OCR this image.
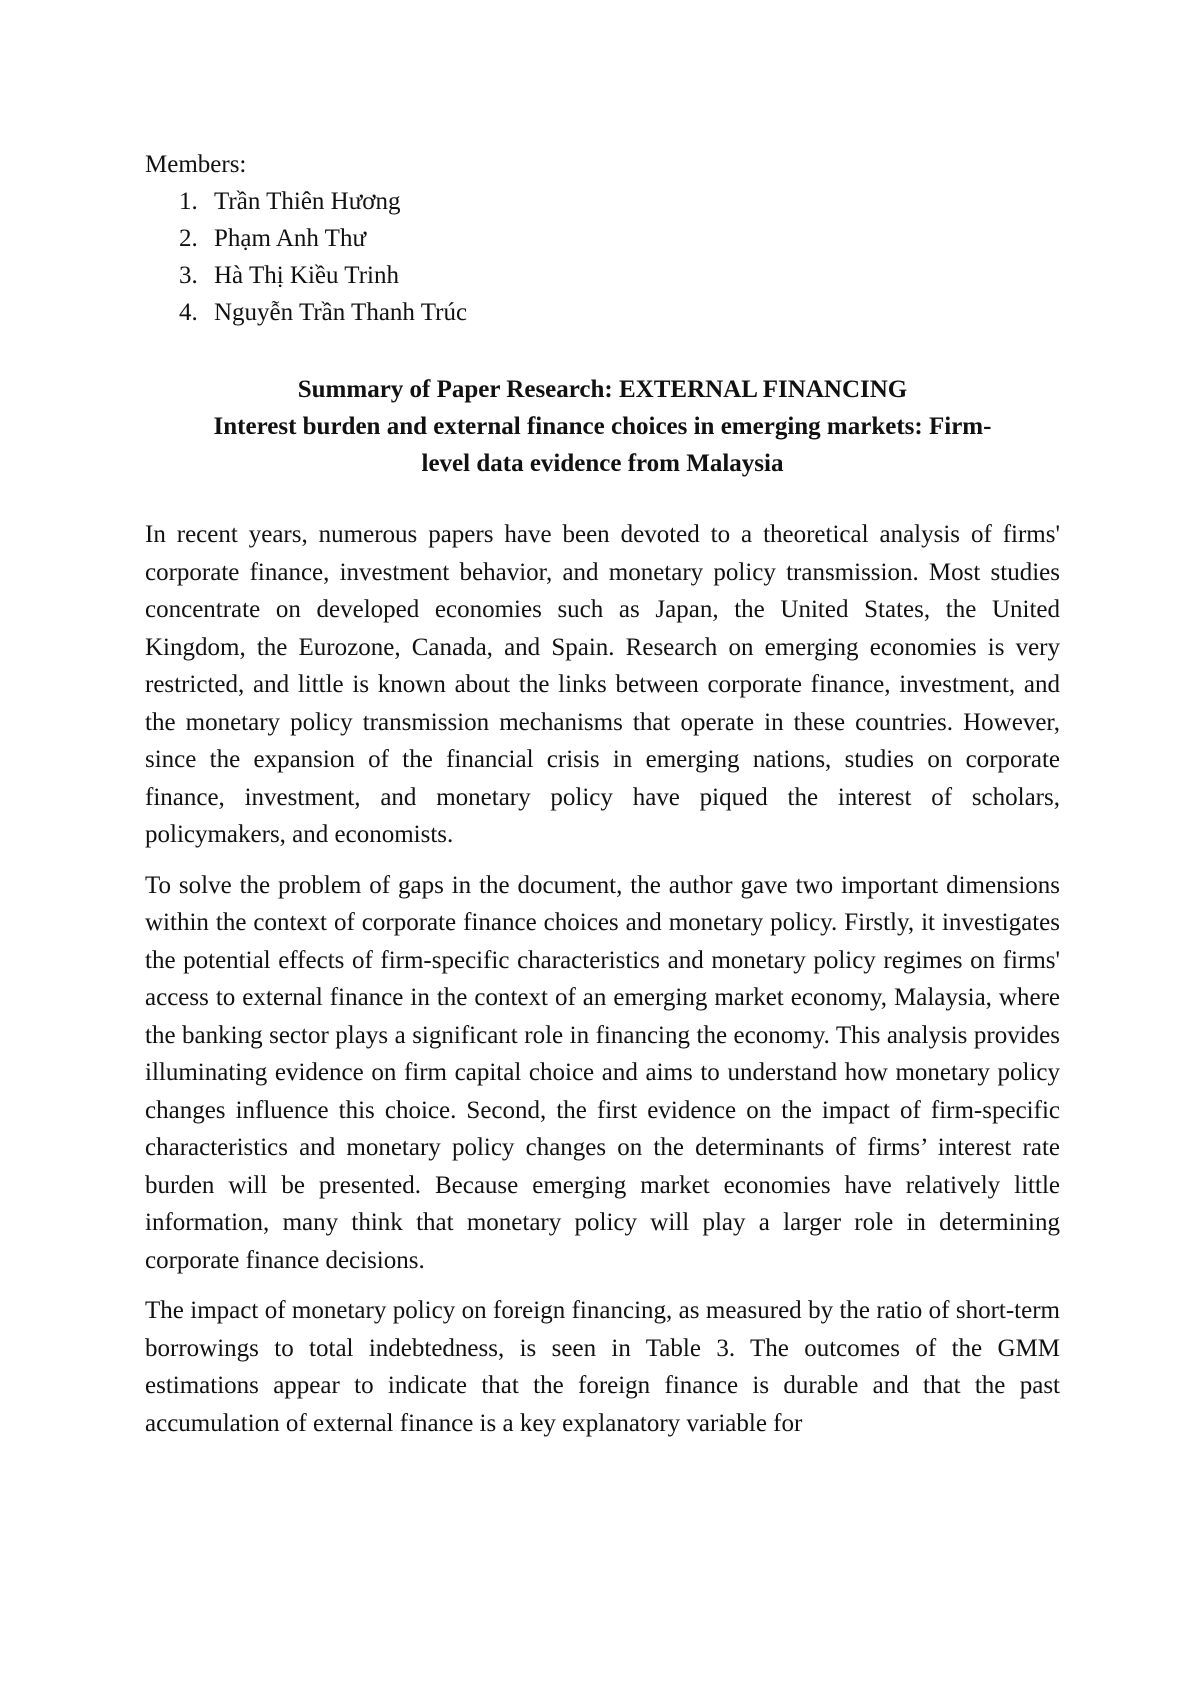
Members:

1. Trần Thiên Hương
2. Phạm Anh Thư
3. Hà Thị Kiều Trinh
4. Nguyễn Trần Thanh Trúc
Summary of Paper Research: EXTERNAL FINANCING
Interest burden and external finance choices in emerging markets: Firm-
level data evidence from Malaysia

In recent years, numerous papers have been devoted to a theoretical analysis of firms' corporate finance, investment behavior, and monetary policy transmission. Most studies concentrate on developed economies such as Japan, the United States, the United Kingdom, the Eurozone, Canada, and Spain. Research on emerging economies is very restricted, and little is known about the links between corporate finance, investment, and the monetary policy transmission mechanisms that operate in these countries. However, since the expansion of the financial crisis in emerging nations, studies on corporate finance, investment, and monetary policy have piqued the interest of scholars, policymakers, and economists.

To solve the problem of gaps in the document, the author gave two important dimensions within the context of corporate finance choices and monetary policy. Firstly, it investigates the potential effects of firm-specific characteristics and monetary policy regimes on firms' access to external finance in the context of an emerging market economy, Malaysia, where the banking sector plays a significant role in financing the economy. This analysis provides illuminating evidence on firm capital choice and aims to understand how monetary policy changes influence this choice. Second, the first evidence on the impact of firm-specific characteristics and monetary policy changes on the determinants of firms’ interest rate burden will be presented. Because emerging market economies have relatively little information, many think that monetary policy will play a larger role in determining corporate finance decisions.

The impact of monetary policy on foreign financing, as measured by the ratio of short-term borrowings to total indebtedness, is seen in Table 3. The outcomes of the GMM estimations appear to indicate that the foreign finance is durable and that the past accumulation of external finance is a key explanatory variable for
